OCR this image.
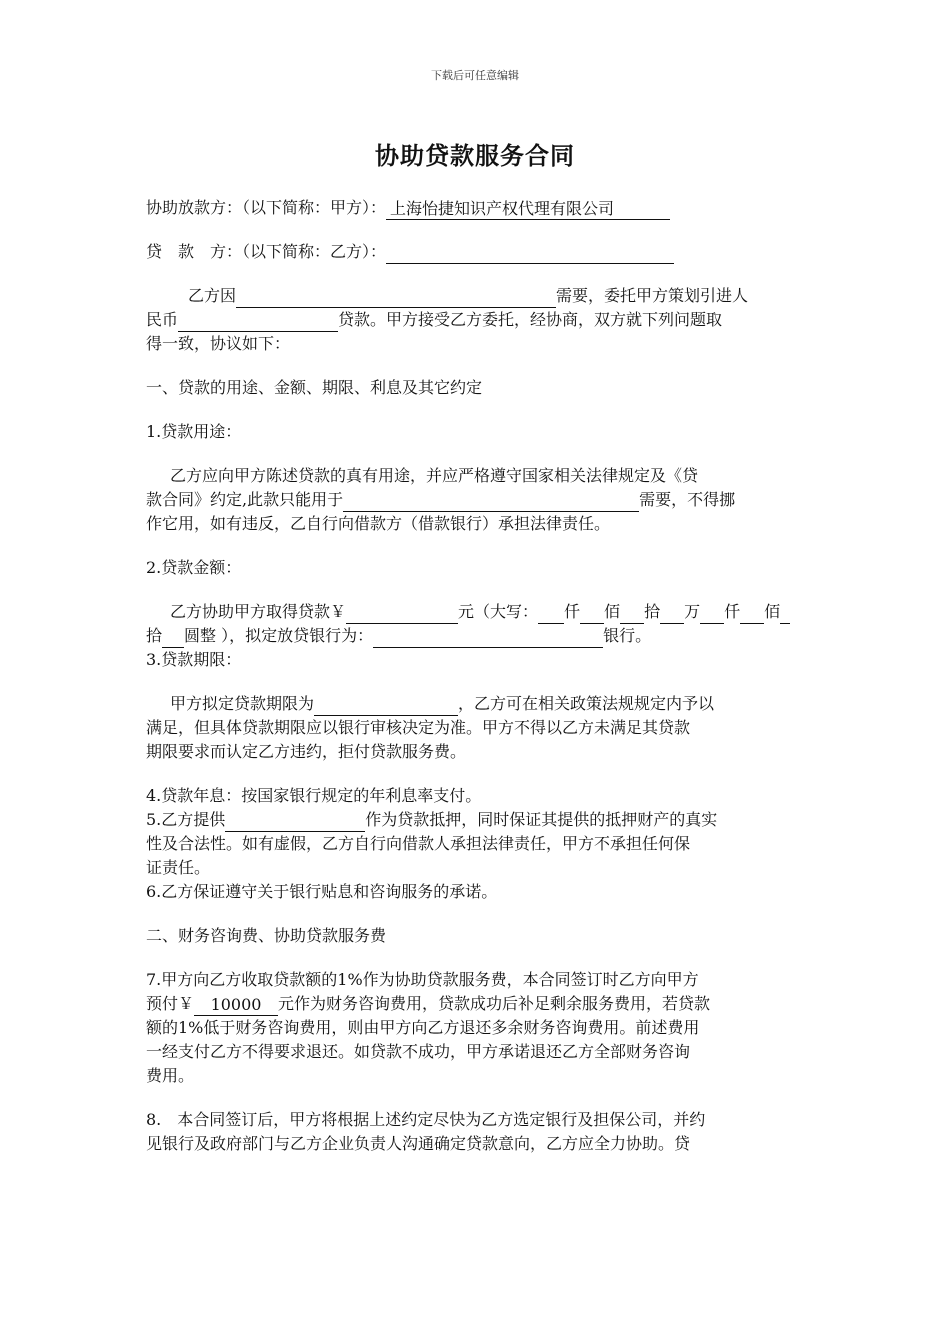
下载后可任意编辑
协助贷款服务合同
协助放款方：（以下简称：甲方）： 上海怡捷知识产权代理有限公司
贷　款　方：（以下简称：乙方）：
乙方因	需要，委托甲方策划引进人
民币	贷款。甲方接受乙方委托，经协商，双方就下列问题取
得一致，协议如下：
一、贷款的用途、金额、期限、利息及其它约定
1.贷款用途：
乙方应向甲方陈述贷款的真有用途，并应严格遵守国家相关法律规定及《贷
款合同》约定,此款只能用于	需要，不得挪
作它用，如有违反，乙自行向借款方（借款银行）承担法律责任。
2.贷款金额：
乙方协助甲方取得贷款￥	元（大写： 仟 佰 拾 万 仟 佰
拾 圆整 ），拟定放贷银行为：	银行。
3.贷款期限：
甲方拟定贷款期限为	，乙方可在相关政策法规规定内予以
满足，但具体贷款期限应以银行审核决定为准。甲方不得以乙方未满足其贷款
期限要求而认定乙方违约，拒付贷款服务费。
4.贷款年息：按国家银行规定的年利息率支付。
5.乙方提供	作为贷款抵押，同时保证其提供的抵押财产的真实
性及合法性。如有虚假，乙方自行向借款人承担法律责任，甲方不承担任何保
证责任。
6.乙方保证遵守关于银行贴息和咨询服务的承诺。
二、财务咨询费、协助贷款服务费
7.甲方向乙方收取贷款额的1%作为协助贷款服务费，本合同签订时乙方向甲方
预付￥ 10000 元作为财务咨询费用，贷款成功后补足剩余服务费用，若贷款
额的1%低于财务咨询费用，则由甲方向乙方退还多余财务咨询费用。前述费用
一经支付乙方不得要求退还。如贷款不成功，甲方承诺退还乙方全部财务咨询
费用。
8.　本合同签订后，甲方将根据上述约定尽快为乙方选定银行及担保公司，并约
见银行及政府部门与乙方企业负责人沟通确定贷款意向，乙方应全力协助。贷
